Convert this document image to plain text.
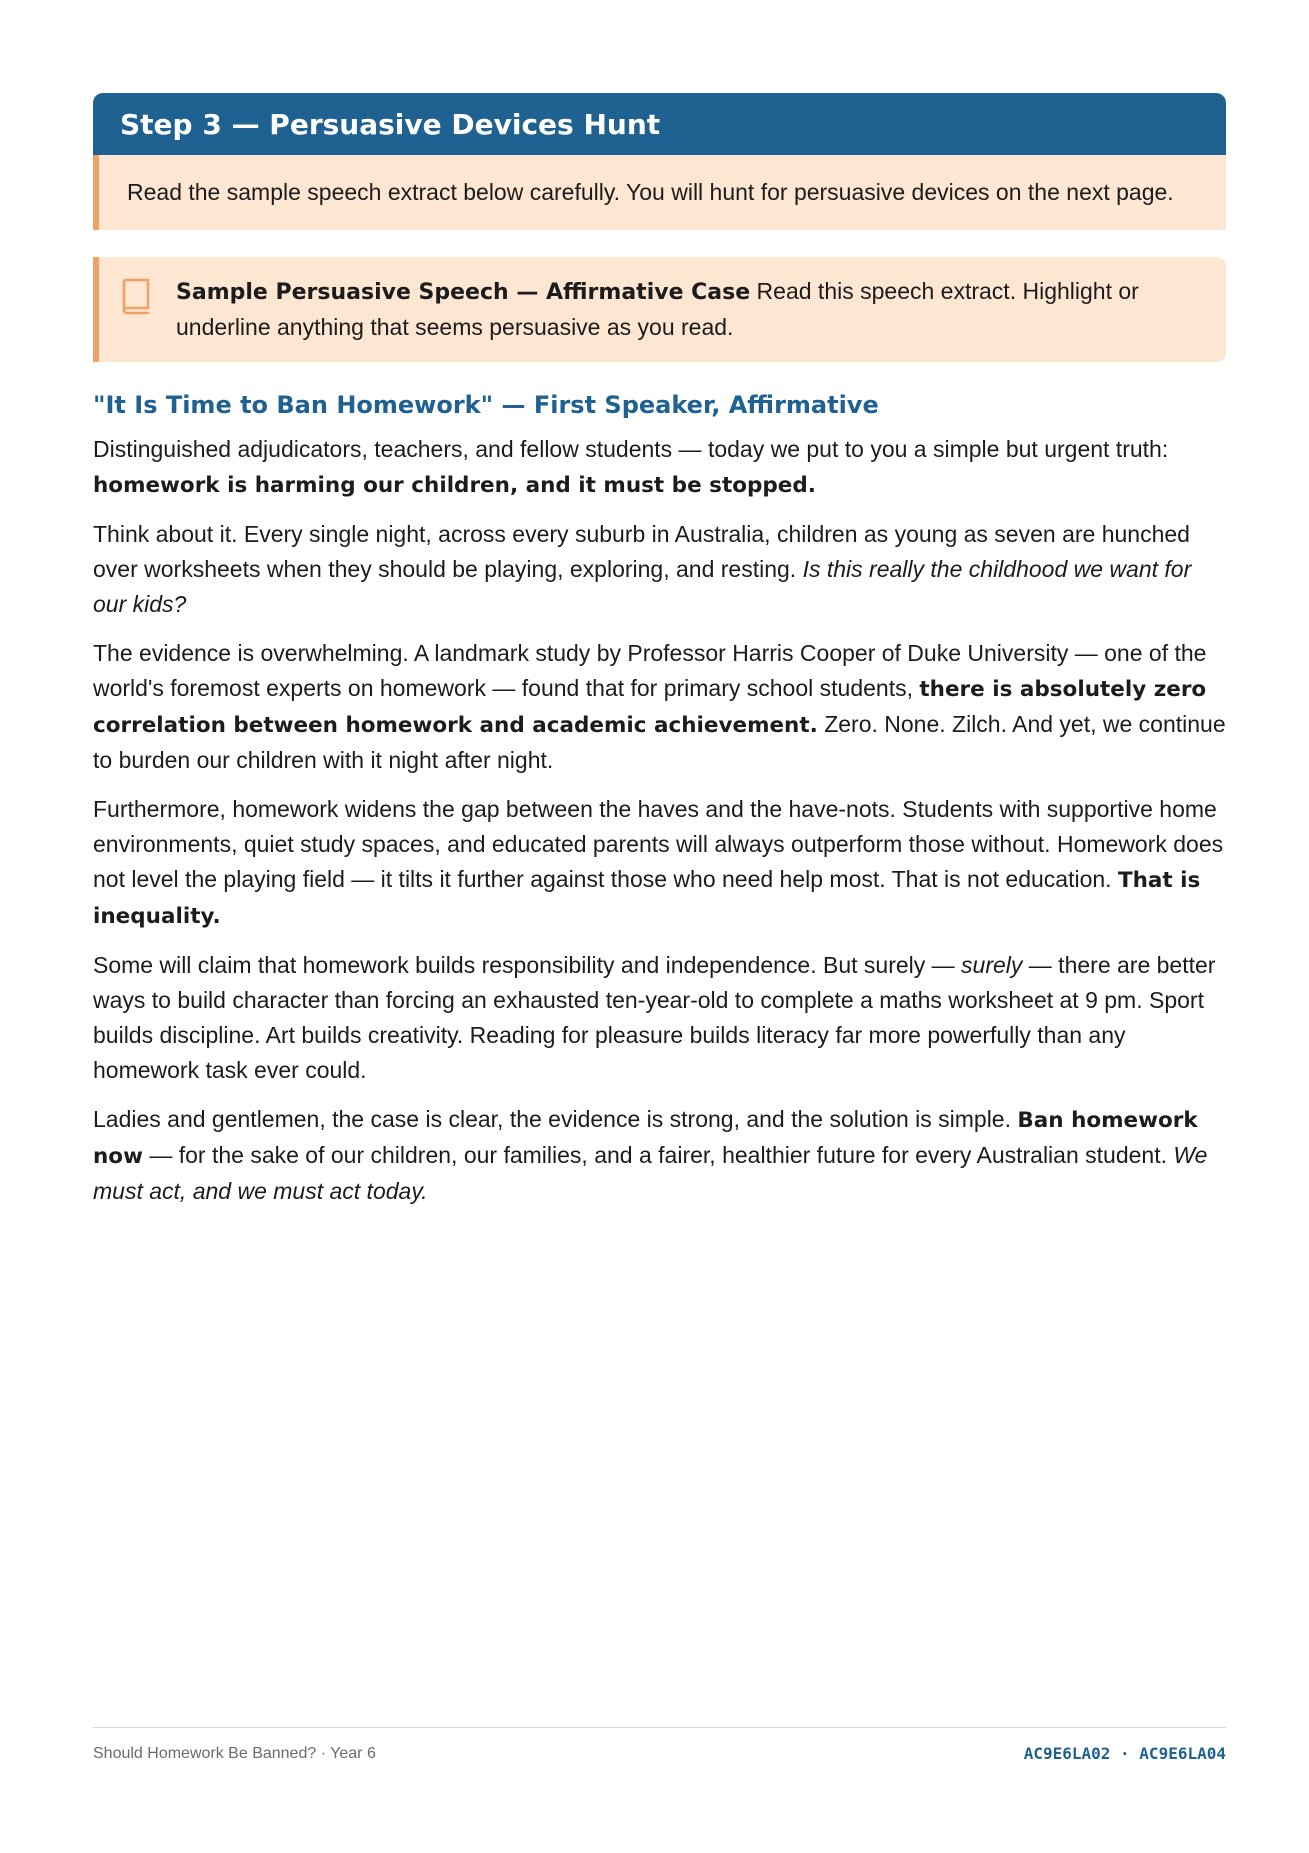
Step 3 — Persuasive Devices Hunt
Read the sample speech extract below carefully. You will hunt for persuasive devices on the next page.
Sample Persuasive Speech — Affirmative Case Read this speech extract. Highlight or underline anything that seems persuasive as you read.
"It Is Time to Ban Homework" — First Speaker, Affirmative

Distinguished adjudicators, teachers, and fellow students — today we put to you a simple but urgent truth: homework is harming our children, and it must be stopped.

Think about it. Every single night, across every suburb in Australia, children as young as seven are hunched over worksheets when they should be playing, exploring, and resting. Is this really the childhood we want for our kids?

The evidence is overwhelming. A landmark study by Professor Harris Cooper of Duke University — one of the world's foremost experts on homework — found that for primary school students, there is absolutely zero correlation between homework and academic achievement. Zero. None. Zilch. And yet, we continue to burden our children with it night after night.

Furthermore, homework widens the gap between the haves and the have-nots. Students with supportive home environments, quiet study spaces, and educated parents will always outperform those without. Homework does not level the playing field — it tilts it further against those who need help most. That is not education. That is inequality.

Some will claim that homework builds responsibility and independence. But surely — surely — there are better ways to build character than forcing an exhausted ten-year-old to complete a maths worksheet at 9 pm. Sport builds discipline. Art builds creativity. Reading for pleasure builds literacy far more powerfully than any homework task ever could.

Ladies and gentlemen, the case is clear, the evidence is strong, and the solution is simple. Ban homework now — for the sake of our children, our families, and a fairer, healthier future for every Australian student. We must act, and we must act today.

Should Homework Be Banned? · Year 6	AC9E6LA02 · AC9E6LA04
